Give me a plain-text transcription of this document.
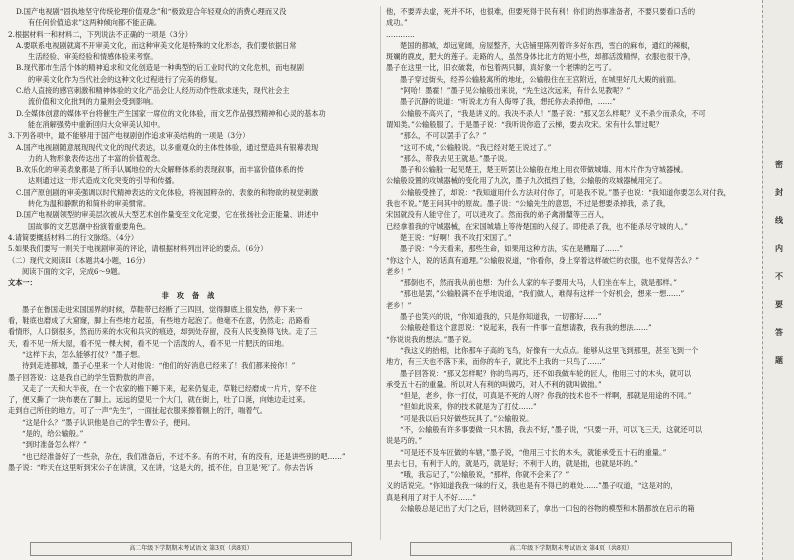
D.国产电视剧“固执地坚守传统伦理价值观念”和“极致迎合年轻观众的消费心理而又没

有任何价值追求”这两种倾向都不能正确。

2.根据材料一和材料二，下列说法不正确的一项是（3分）

A.要联系电视剧就离不开审美文化，而这种审美文化是特殊的文化形态，我们要依据日常

生活经验、审美经验和情感体验来考察。

B.现代都市生活个体的精神追求和文化创造是一种典型的后工业时代的文化危机，而电视剧

的审美文化作为当代社会的这种文化过程进行了完美的修复。

C.给人直接的感官刺激和精神体验的文化产品会让人经历动作性欲求迷失，现代社会主

流价值和文化批判的力量则会受到影响。

D.全媒体创意的媒体平台将催生产生国家一席位的文化体验，而文艺作品强烈精神和心灵的基本功

能在消解强势中重新回归大众审美认知中。

3.下列各项中，最不能够用于国产电视剧创作追求审美结构的一项是（3分）

A.国产电视剧随意展现现代文化的现代表达，以多重观众的主体性体验，通过塑造具有银幕表现

力的人物形象表传达出了丰富的价值观念。

B.欢乐化的审美表象都是了所手认属地位的大众解释体系的表现叙事，而丰富价值体系的传

达则通过这一形式造成文化突变的引导和传播。

C.国产原创剧的审美强调以时代精神表达的文化体验，将视国粹杂的、表象的和物欲的视觉刺激

转化为温和静默的和简朴的审美惯常。

D.国产电视剧领型的审美层次被从大型艺术创作量变至文化定要，它在张扬社会正能量、讲述中

国故事的文艺思潮中扮演着重要角色。

4.请简要概括材料二的行文脉络。（4分）

5.如果我们要写一则关于电视剧审美的评论，请根据材料列出评论的要点。（6分）

（二）现代文阅读II（本题共4小题，16分）

阅读下面的文字，完成6～9题。

文本一：

非攻备战

墨子在鲁国走进宋国国界的时候，草鞋带已经断了三四回，觉得脚底上很发热，停下来一

看，鞋底也磨成了大窟窿，脚上有些地方起茧，有些地方起泡了。他毫不在意，仍然走；沿路看

看情形，人口倒很多，然而历来的水灾和兵灾的痕迹，却到处存留，没有人民变换得飞快。走了三

天，看不见一所大屋，看不见一棵大树，看不见一个活泼的人，看不见一片肥沃的田地。

“这样下去，怎么能够打仗？”墨子想。

待到走进都城，墨子心里来一个人对他说：“他们的好消息已经来了！我们都来接你！”

墨子回答说：这是我自己的学生管黔敖的声音。

又走了一天和大半夜，在一个农家的檐下睡下来，起来仍复走，草鞋已经磨成一片片，穿不住

了，便又撕了一块布裹在了脚上。远远的望见一个大门，就在街上，吐了口涎，向她边走过来。

走到自己所住的地方，可了一声“先生”，一面扯起衣服来擦着额上的汗，喘着气。

“这是什么？”墨子认识他是自己的学生曹公子，便问。

“是的，给公输般。”

“到时准备怎么样？”

“也已经准备好了一些杂，杂在，我们准备后，不过不多。有的不对，有的没有，还是讲些别的吧……”

墨子说：“昨天在这里听到宋公子在讲演，又在讲，‘这是大的，抵不住，自卫是‘死’了。你去告诉

他，不要弄去虚，死并不坏，也很难，但要死得于民有利！你们的热事准备者，不要只要看口舌的

成功。”

…………

楚国的都城，却远宽阔，房屋整齐，大店铺里陈列着许多好东西，雪白的麻布，通红的辣椒，

斑斓的鹿皮，肥大的莲子。走路的人，虽然身体比北方的短小些，却都活泼精悍，衣服也很干净，

墨子在这里一比，旧衣破裳，布包着两只脚，真好象一个老牌的乞丐了。

墨子穿过街头，经养公输般寓所的地址，公输般住在王宫附近，在城里好几大殿的前面。

“阿哈！墨霍！”墨子见公输般出来说，“先生这次远来，有什么见教呢？”

墨子沉静的说道：“听说北方有人侮辱了我，想托你去杀掉他，……”

公输般不高兴了，“我是讲义的。我决不杀人！”墨子说：“那又怎么样呢？义不杀少而杀众，不可

谓知类。”公输般服了。于是墨子说：“我听说你造了云梯，要去攻宋。宋有什么罪过呢？

“那么，不可以罢手了么？”

“这可不成，”公输般说。“我已经对楚王说过了。”

“那么，带我去见王就是。”墨子说。

墨子和公输般一起见楚王，楚王听罢让公输般在地上用衣带做城墙、用木片作为守城器械。

公输般设置的攻城器械的变化用了九次，墨子九次抵挡了他，公输般的攻城器械用完了。

公输般受挫了，却说：“我知道用什么方法对付你了，可是我不说。”墨子也说：“我知道你要怎么对付我，

我也不说。”楚王问其中的原故。墨子说：“公输先生的意思，不过是想要杀掉我，杀了我，

宋国就没有人能守住了，可以进攻了。然而我的弟子禽滑釐等三百人，

已经拿着我的守城器械，在宋国城墙上等待楚国的入侵了。即使杀了我，也不能杀尽守城的人。”

楚王说：“好啊！我不攻打宋国了。”

墨子说：“今天看来，那些生命，如果用这种方法，实在是糟蹋了……”

“你这个人，说的话真有道理。”公输般说道，“你看你，身上穿着这样破烂的衣服，也不觉得苦么？”

老乡！”

“那倒也不，然而我从前也想：为什么人家的车子要用大马，人们坐在车上，就是那样。”

“那也是罢，”公输般满不在乎地说道，“我们做人，难得有这样一个好机会，想来一想……”

老乡！”

墨子也笑兴的说，“你知道我的，只是你知道我，一切都好……”

公输般趁着这个意思说：“说起来，我有一件事一直想请教，我有我的想法……”

“你说说我的想法。”墨子说。

“我这义的抬相，比你那车子高的飞鸟，好像有一大点点。能够从这里飞到那里，甚至飞到一个

地方，有三天也不落下来，而你的车子，就比不上我的一只鸟了……”

墨子回答说：“那又怎样呢？你的鸟再巧，还不如我做车轮的匠人，他用三寸的木头，就可以

承受五十石的重量。所以对人有利的叫做巧，对人不利的就叫做拙。”

“但是，老乡，你一打仗，可真是不死的人呀？你我的技术也不一样啊，那就是用途的不同。”

“但如此说来，你的技术就是为了打仗……”

“可是我以后只好做些玩具了。”公输般说。

“不，公输般有许多事要做一只木鹊，我去不好，”墨子说，“只要一开，可以飞三天，这就还可以

说是巧的。”

“可是还不及车匠做的车辖，”墨子说，“他用三寸长的木头，就能承受五十石的重量。”

里去七日，有利于人的，就是巧，就是好；不利于人的，就是拙，也就是坏的。”

“哦，我忘记了，”公输般说，“那样，你就不会来了？”

义的话说完。“你知道我我一味的行义，我也是有不得已的难处……”墨子叹道，“这是对的，

真是利用了对于人不好……”

公输般总是记出了大门之后，回转就回来了，拿出一口包的谷物的模型和木鹊都放在启示的箱

高二年级下学期期末考试语文 第3页（共8页）	高二年级下学期期末考试语文 第4页（共8页）
密 封 线 内 不 要 答 题
